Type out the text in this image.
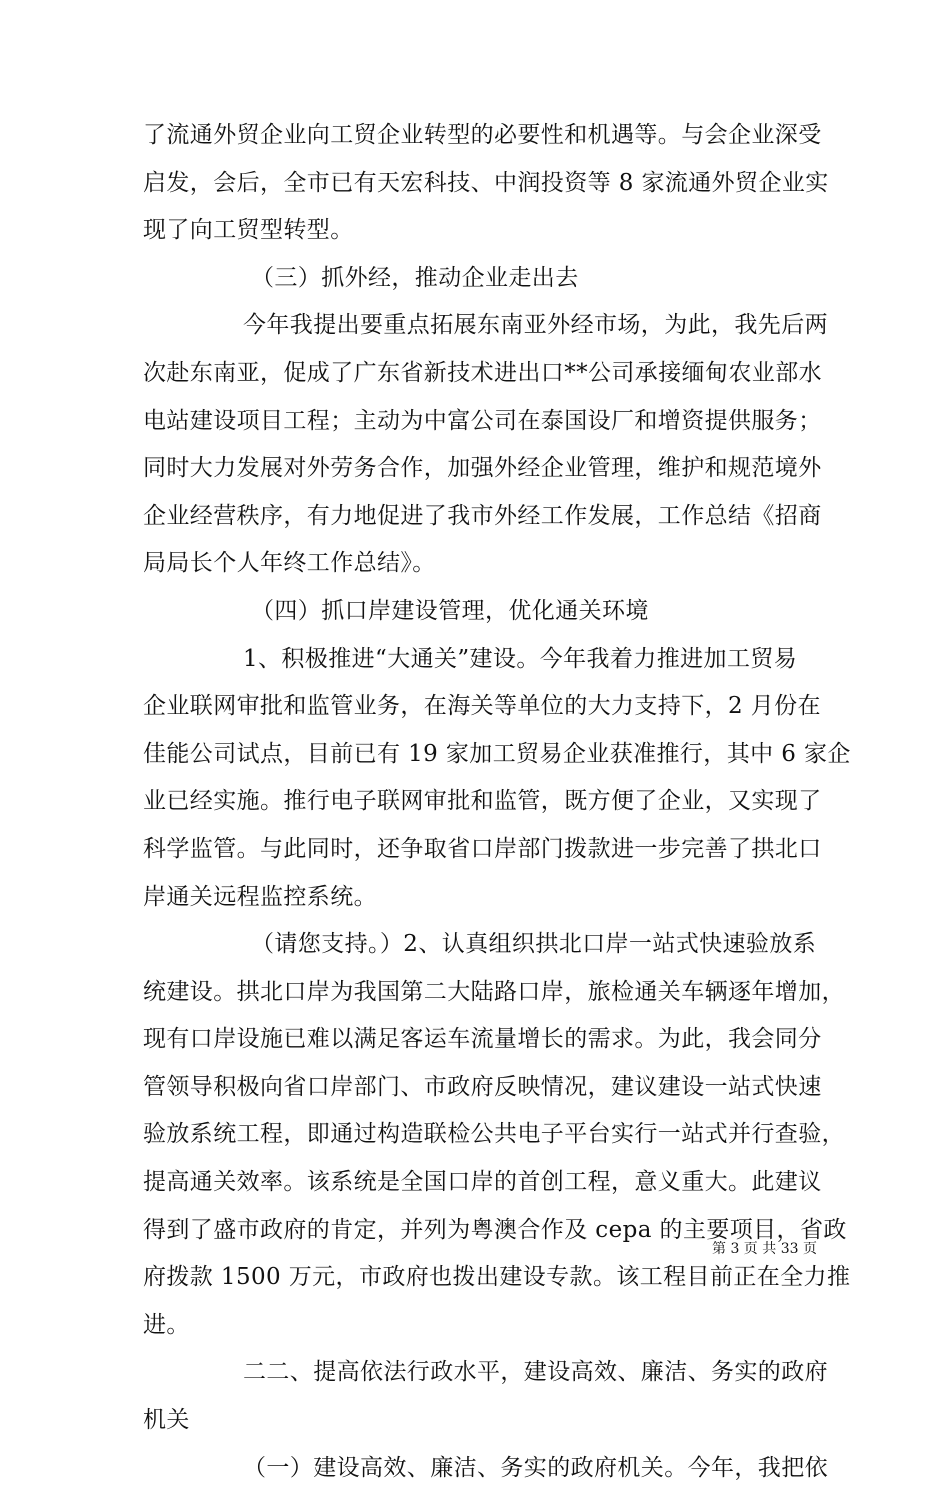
了流通外贸企业向工贸企业转型的必要性和机遇等。与会企业深受
启发，会后，全市已有天宏科技、中润投资等 8 家流通外贸企业实
现了向工贸型转型。
（三）抓外经，推动企业走出去
今年我提出要重点拓展东南亚外经市场，为此，我先后两
次赴东南亚，促成了广东省新技术进出口**公司承接缅甸农业部水
电站建设项目工程；主动为中富公司在泰国设厂和增资提供服务；
同时大力发展对外劳务合作，加强外经企业管理，维护和规范境外
企业经营秩序，有力地促进了我市外经工作发展，工作总结《招商
局局长个人年终工作总结》。
（四）抓口岸建设管理，优化通关环境
1、积极推进“大通关”建设。今年我着力推进加工贸易
企业联网审批和监管业务，在海关等单位的大力支持下，2 月份在
佳能公司试点，目前已有 19 家加工贸易企业获准推行，其中 6 家企
业已经实施。推行电子联网审批和监管，既方便了企业，又实现了
科学监管。与此同时，还争取省口岸部门拨款进一步完善了拱北口
岸通关远程监控系统。
（请您支持。）2、认真组织拱北口岸一站式快速验放系
统建设。拱北口岸为我国第二大陆路口岸，旅检通关车辆逐年增加，
现有口岸设施已难以满足客运车流量增长的需求。为此，我会同分
管领导积极向省口岸部门、市政府反映情况，建议建设一站式快速
验放系统工程，即通过构造联检公共电子平台实行一站式并行查验，
提高通关效率。该系统是全国口岸的首创工程，意义重大。此建议
得到了盛市政府的肯定，并列为粤澳合作及 cepa 的主要项目，省政
府拨款 1500 万元，市政府也拨出建设专款。该工程目前正在全力推
进。
二二、提高依法行政水平，建设高效、廉洁、务实的政府
机关
（一）建设高效、廉洁、务实的政府机关。今年，我把依
第 3 页 共 33 页
